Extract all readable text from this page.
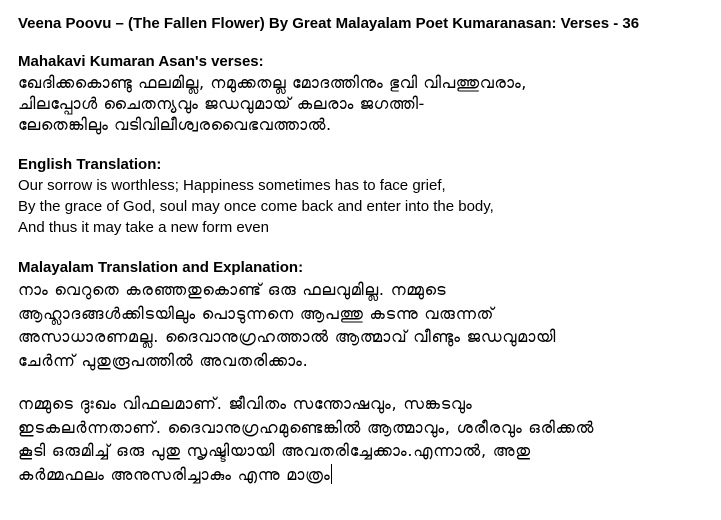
Veena Poovu – (The Fallen Flower) By Great Malayalam Poet Kumaranasan: Verses - 36
Mahakavi Kumaran Asan's verses:
ഖേദിക്കകൊണ്ടു ഫലമില്ല, നമുക്കതല്ല മോദത്തിനും ഭുവി വിപത്തുവരാം,
ചിലപ്പോൾ ചൈതന്യവും ജഡവുമായ് കലരാം ജഗത്തി-
ലേതെങ്കിലും വടിവിലീശ്വരവൈഭവത്താൽ.
English Translation:
Our sorrow is worthless; Happiness sometimes has to face grief,
By the grace of God, soul may once come back and enter into the body,
And thus it may take a new form even
Malayalam Translation and Explanation:
നാം വെറുതെ കരഞ്ഞതുകൊണ്ട് ഒരു ഫലവുമില്ല. നമ്മുടെ
ആഹ്ലാദങ്ങൾക്കിടയിലും പൊടുന്നനെ ആപത്തു കടന്നു വരുന്നത്
അസാധാരണമല്ല. ദൈവാനുഗ്രഹത്താൽ ആത്മാവ് വീണ്ടും ജഡവുമായി
ചേർന്ന് പുതുരൂപത്തിൽ അവതരിക്കാം.
നമ്മുടെ ദുഃഖം വിഫലമാണ്. ജീവിതം സന്തോഷവും, സങ്കടവും
ഇടകലർന്നതാണ്. ദൈവാനുഗ്രഹമുണ്ടെങ്കിൽ ആത്മാവും, ശരീരവും ഒരിക്കൽ
കൂടി ഒരുമിച്ച് ഒരു പുതു സൃഷ്ടിയായി അവതരിച്ചേക്കാം.എന്നാൽ, അതു
കർമ്മഫലം അനുസരിച്ചാകും എന്നു മാത്രം
